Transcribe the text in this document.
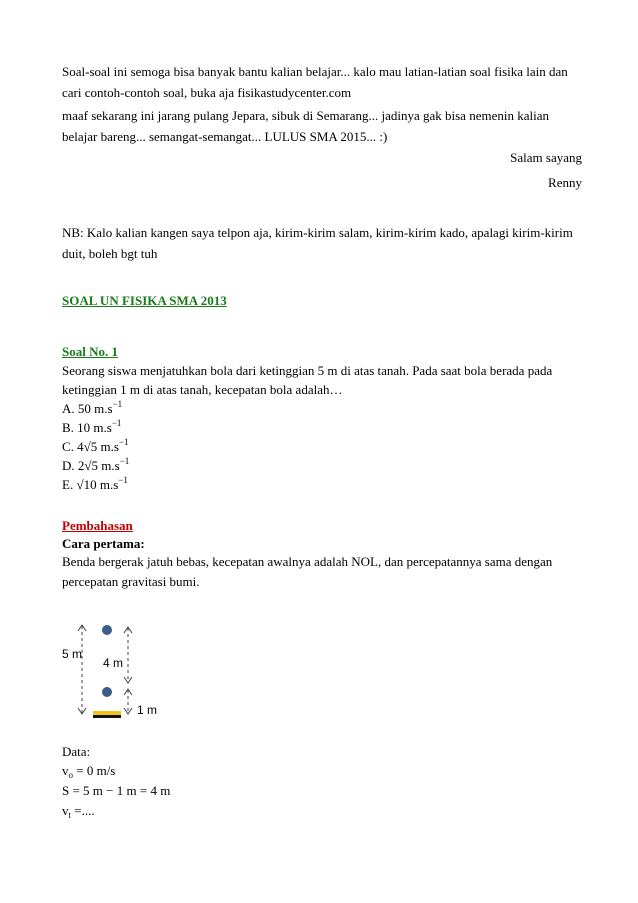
Soal-soal ini semoga bisa banyak bantu kalian belajar... kalo mau latian-latian soal fisika lain dan
cari contoh-contoh soal, buka aja fisikastudycenter.com
maaf sekarang ini jarang pulang Jepara, sibuk di Semarang... jadinya gak bisa nemenin kalian
belajar bareng... semangat-semangat... LULUS SMA 2015... :)
Salam sayang
Renny
NB: Kalo kalian kangen saya telpon aja, kirim-kirim salam, kirim-kirim kado, apalagi kirim-kirim
duit, boleh bgt tuh
SOAL UN FISIKA SMA 2013
Soal No. 1
Seorang siswa menjatuhkan bola dari ketinggian 5 m di atas tanah. Pada saat bola berada pada
ketinggian 1 m di atas tanah, kecepatan bola adalah…
A. 50 $m.s^{-1}$
B. 10 $m.s^{-1}$
C. 4√5 $m.s^{-1}$
D. 2√5 $m.s^{-1}$
E. √10 $m.s^{-1}$
Pembahasan
Cara pertama:
Benda bergerak jatuh bebas, kecepatan awalnya adalah NOL, dan percepatannya sama dengan
percepatan gravitasi bumi.
5 m
4 m
1 m
Data:
$v_o = 0$ m/s
S = 5 m − 1 m = 4 m
$v_t$ =....
